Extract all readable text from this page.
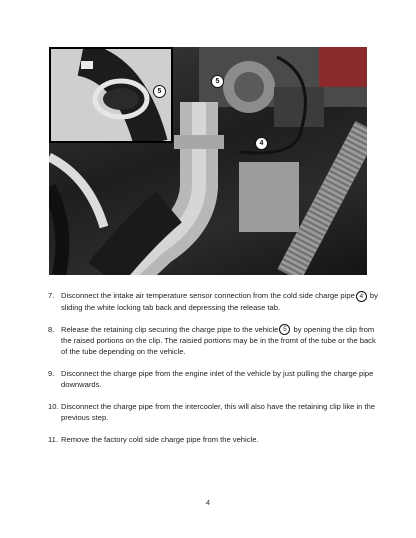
5
4
5
7. Disconnect the intake air temperature sensor connection from the cold side charge pipe 4 by sliding the white locking tab back and depressing the release tab.
8. Release the retaining clip securing the charge pipe to the vehicle 5 by opening the clip from the raised portions on the clip. The raisied portions may be in the fromt of the tube or the back of the tube depending on the vehicle.
9. Disconnect the charge pipe from the engine inlet of the vehicle by just pulling the charge pipe downwards.
10. Disconnect the charge pipe from the intercooler, this will also have the retaining clip like in the previous step.
11. Remove the factory cold side charge pipe from the vehicle.
4
